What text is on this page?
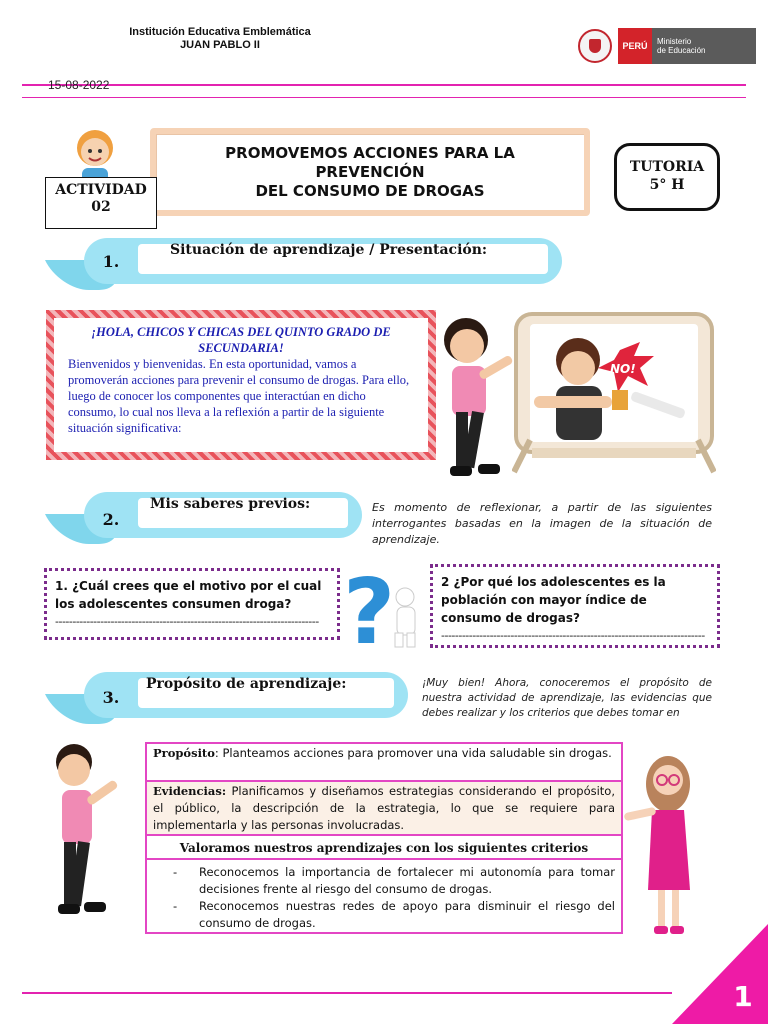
Institución Educativa Emblemática
JUAN PABLO II	PERÚ	Ministerio
de Educación
15-08-2022
PROMOVEMOS ACCIONES PARA LA
PREVENCIÓN
DEL CONSUMO DE DROGAS
ACTIVIDAD
02
TUTORIA
5° H
1.
Situación de aprendizaje / Presentación:
¡HOLA, CHICOS Y CHICAS DEL QUINTO GRADO DE SECUNDARIA!
Bienvenidos y bienvenidas. En esta oportunidad, vamos a promoverán acciones para prevenir el consumo de drogas. Para ello, luego de conocer los componentes que interactúan en dicho consumo, lo cual nos lleva a la reflexión a partir de la siguiente situación significativa:
NO!
2.
Mis saberes previos:	Es momento de reflexionar, a partir de las siguientes interrogantes basadas en la imagen de la situación de aprendizaje.
1. ¿Cuál crees que el motivo por el cual los adolescentes consumen droga?
---------------------------------------------------------------------------- ?	2 ¿Por qué los adolescentes es la población con mayor índice de consumo de drogas?
----------------------------------------------------------------------------
3.
Propósito de aprendizaje:	¡Muy bien! Ahora, conoceremos el propósito de nuestra actividad de aprendizaje, las evidencias que debes realizar y los criterios que debes tomar en
Propósito: Planteamos acciones para promover una vida saludable sin drogas.
Evidencias: Planificamos y diseñamos estrategias considerando el propósito, el público, la descripción de la estrategia, lo que se requiere para implementarla y las personas involucradas.
Valoramos nuestros aprendizajes con los siguientes criterios
- Reconocemos la importancia de fortalecer mi autonomía para tomar decisiones frente al riesgo del consumo de drogas.
- Reconocemos nuestras redes de apoyo para disminuir el riesgo del consumo de drogas.
1
